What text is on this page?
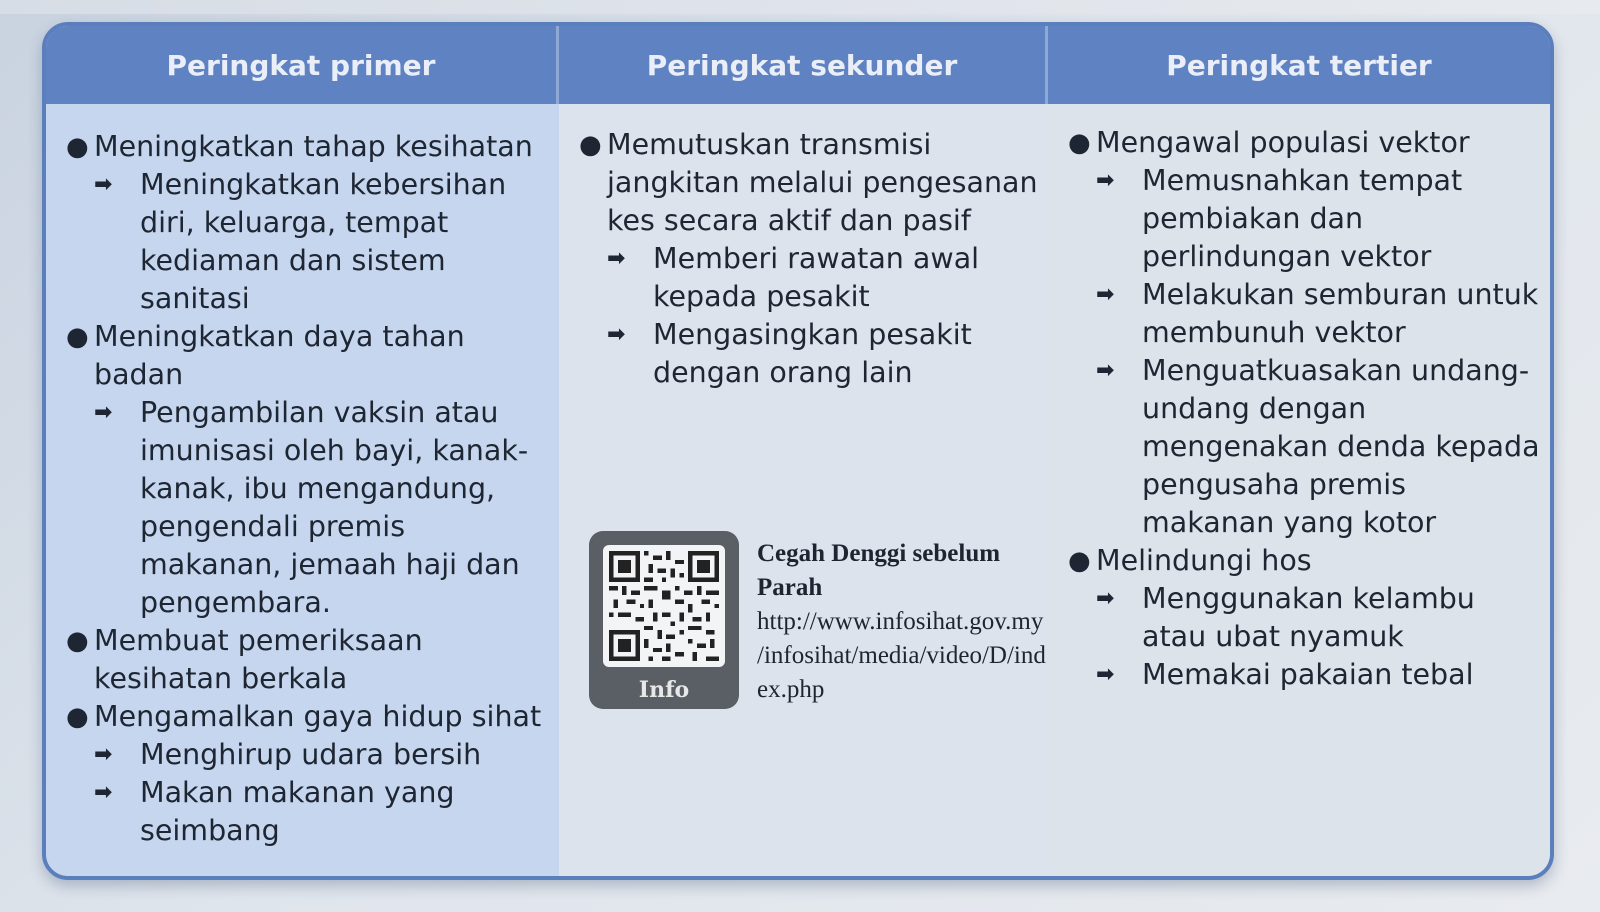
Peringkat primer	Peringkat sekunder	Peringkat tertier
● Meningkatkan tahap kesihatan
➡ Meningkatkan kebersihan diri, keluarga, tempat kediaman dan sistem sanitasi
● Meningkatkan daya tahan badan
➡ Pengambilan vaksin atau imunisasi oleh bayi, kanak-kanak, ibu mengandung, pengendali premis makanan, jemaah haji dan pengembara.
● Membuat pemeriksaan kesihatan berkala
● Mengamalkan gaya hidup sihat
➡ Menghirup udara bersih
➡ Makan makanan yang seimbang
● Memutuskan transmisi jangkitan melalui pengesanan kes secara aktif dan pasif
➡ Memberi rawatan awal kepada pesakit
➡ Mengasingkan pesakit dengan orang lain
Info
Cegah Denggi sebelum Parah
http://www.infosihat.gov.my/infosihat/media/video/D/index.php
● Mengawal populasi vektor
➡ Memusnahkan tempat pembiakan dan perlindungan vektor
➡ Melakukan semburan untuk membunuh vektor
➡ Menguatkuasakan undang-undang dengan mengenakan denda kepada pengusaha premis makanan yang kotor
● Melindungi hos
➡ Menggunakan kelambu atau ubat nyamuk
➡ Memakai pakaian tebal
